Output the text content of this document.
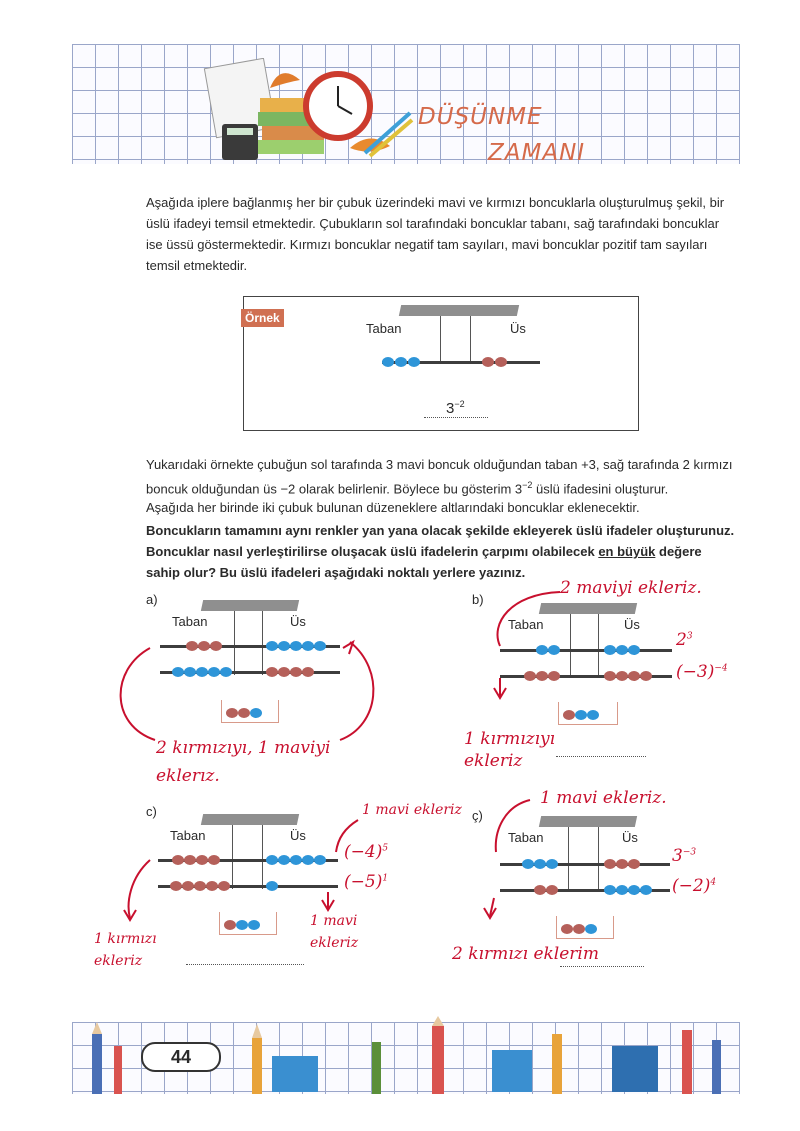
DÜŞÜNME
ZAMANI

Aşağıda iplere bağlanmış her bir çubuk üzerindeki mavi ve kırmızı boncuklarla oluşturulmuş şekil, bir üslü ifadeyi temsil etmektedir. Çubukların sol tarafındaki boncuklar tabanı, sağ tarafındaki boncuklar ise üssü göstermektedir. Kırmızı boncuklar negatif tam sayıları, mavi boncuklar pozitif tam sayıları temsil etmektedir.

Örnek
Taban	Üs
$3^{-2}$

Yukarıdaki örnekte çubuğun sol tarafında 3 mavi boncuk olduğundan taban +3, sağ tarafında 2 kırmızı boncuk olduğundan üs −2 olarak belirlenir. Böylece bu gösterim $3^{-2}$ üslü ifadesini oluşturur.

Aşağıda her birinde iki çubuk bulunan düzeneklere altlarındaki boncuklar eklenecektir.

Boncukların tamamını aynı renkler yan yana olacak şekilde ekleyerek üslü ifadeler oluşturunuz. Boncuklar nasıl yerleştirilirse oluşacak üslü ifadelerin çarpımı olabilecek en büyük değere sahip olur? Bu üslü ifadeleri aşağıdaki noktalı yerlere yazınız.

a)
Taban	Üs
2 kırmızıyı, 1 maviyi eklerız.
b)
2 maviyi ekleriz.
Taban	Üs
$2^3$
$(-3)^{-4}$
1 kırmızıyı ekleriz
c)	1 mavi ekleriz
Taban	Üs
$(-4)^5$
$(-5)^1$
1 kırmızı ekleriz
1 mavi ekleriz
ç)
1 mavi ekleriz.
Taban	Üs
$3^{-3}$
$(-2)^4$
2 kırmızı eklerim
44
